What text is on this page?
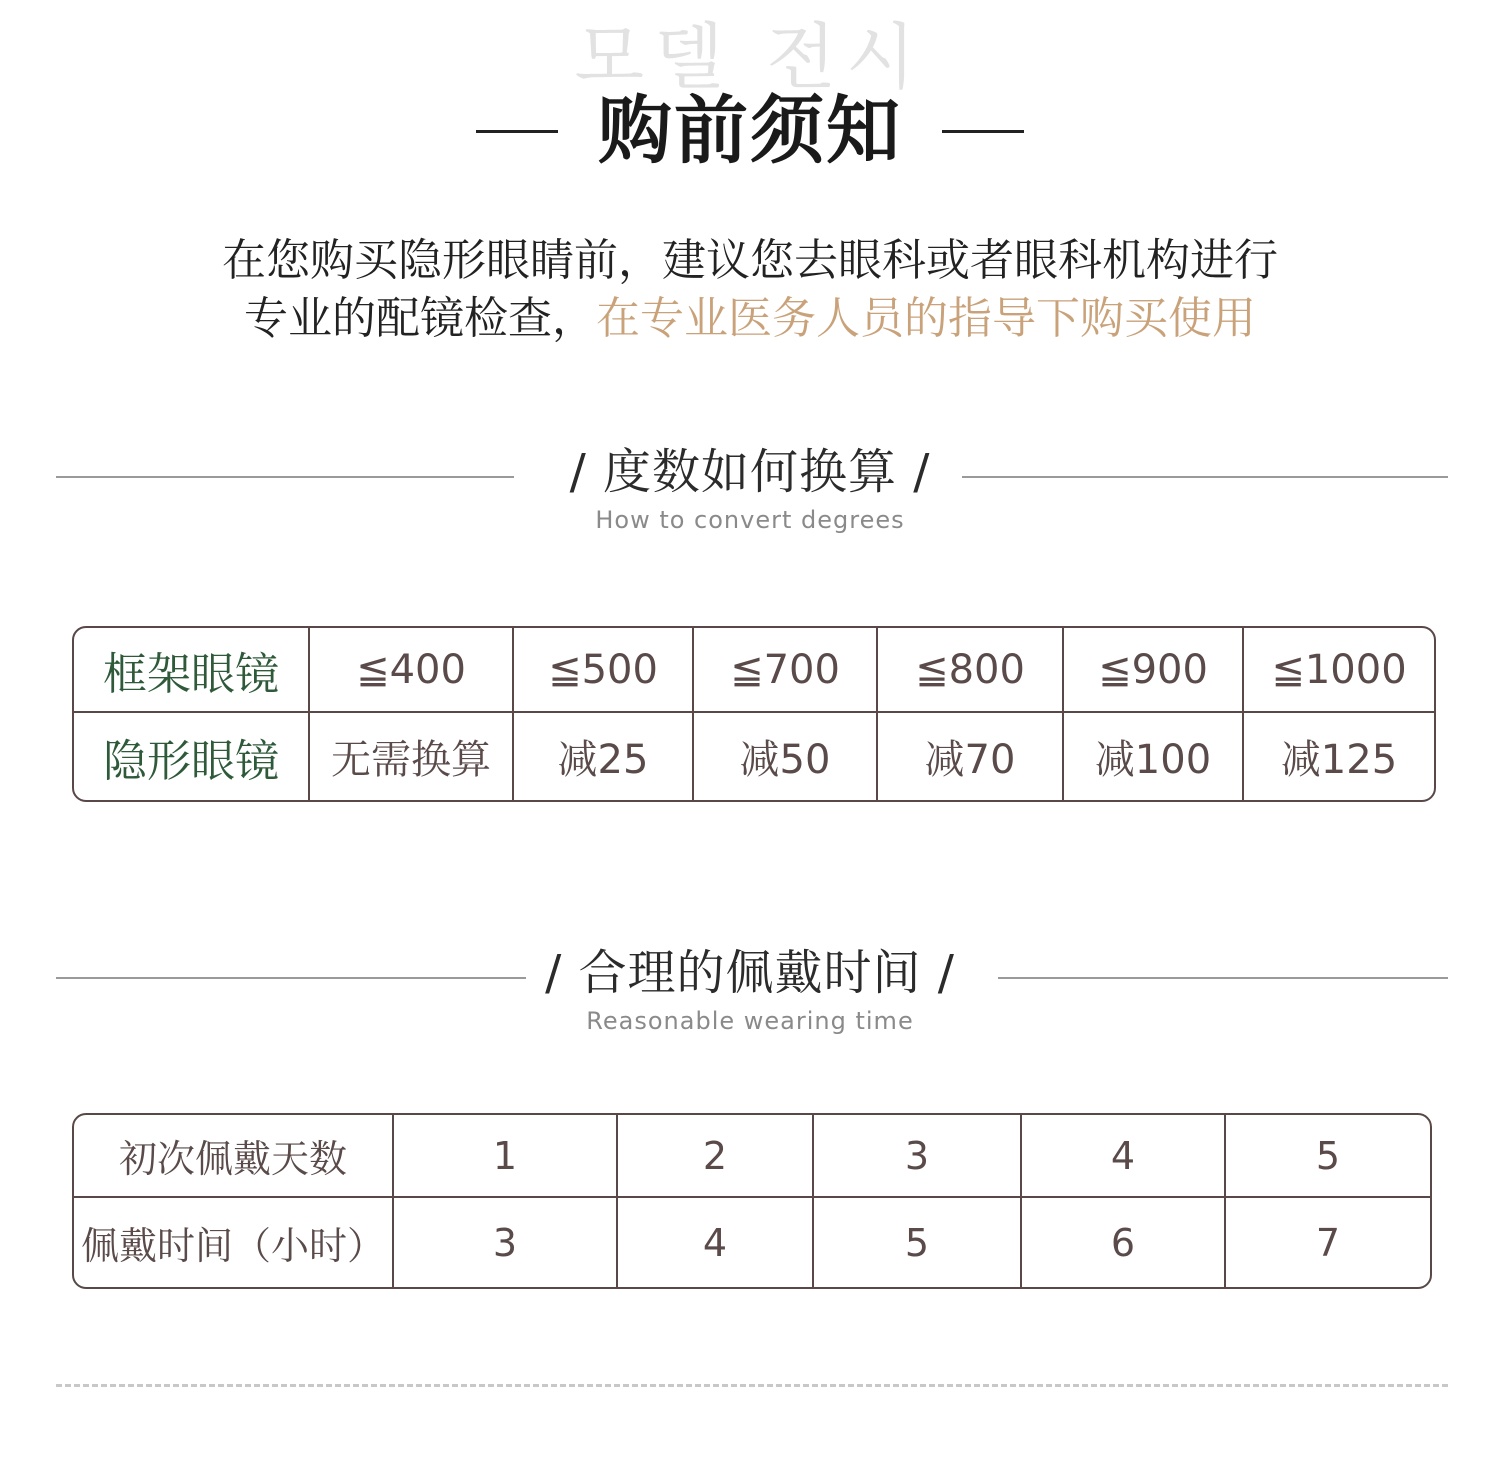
모델 전시
购前须知
在您购买隐形眼睛前，建议您去眼科或者眼科机构进行
专业的配镜检查，在专业医务人员的指导下购买使用
/ 度数如何换算 /
How to convert degrees
框架眼镜	≦400	≦500	≦700	≦800	≦900	≦1000
隐形眼镜	无需换算	减25	减50	减70	减100	减125
/ 合理的佩戴时间 /
Reasonable wearing time
初次佩戴天数	1	2	3	4	5
佩戴时间（小时）	3	4	5	6	7
